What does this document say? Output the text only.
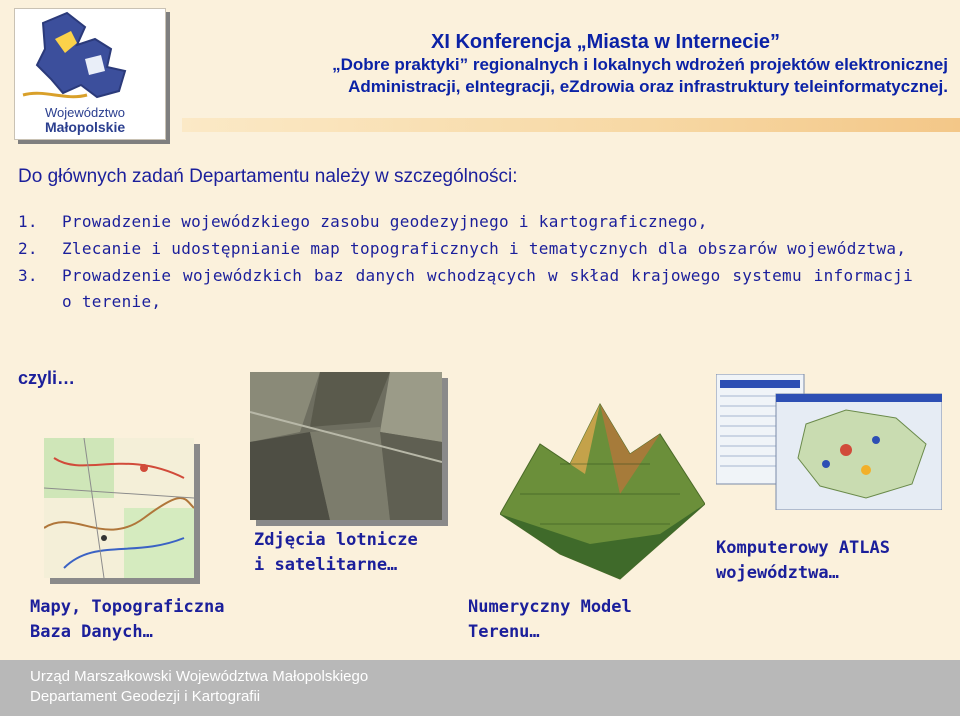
Województwo
Małopolskie
XI Konferencja „Miasta w Internecie”
„Dobre praktyki” regionalnych i lokalnych wdrożeń projektów elektronicznej
Administracji, eIntegracji, eZdrowia oraz infrastruktury teleinformatycznej.
Do głównych zadań Departamentu należy w szczególności:
1.	Prowadzenie wojewódzkiego zasobu geodezyjnego i kartograficznego,
2.	Zlecanie i udostępnianie map topograficznych i tematycznych dla obszarów województwa,
3.	Prowadzenie wojewódzkich baz danych wchodzących w skład krajowego systemu informacji o terenie,
czyli…
Zdjęcia lotnicze
i satelitarne…
Komputerowy ATLAS
województwa…
Mapy, Topograficzna
Baza Danych…
Numeryczny Model
Terenu…
Urząd Marszałkowski Województwa Małopolskiego
Departament Geodezji i Kartografii
